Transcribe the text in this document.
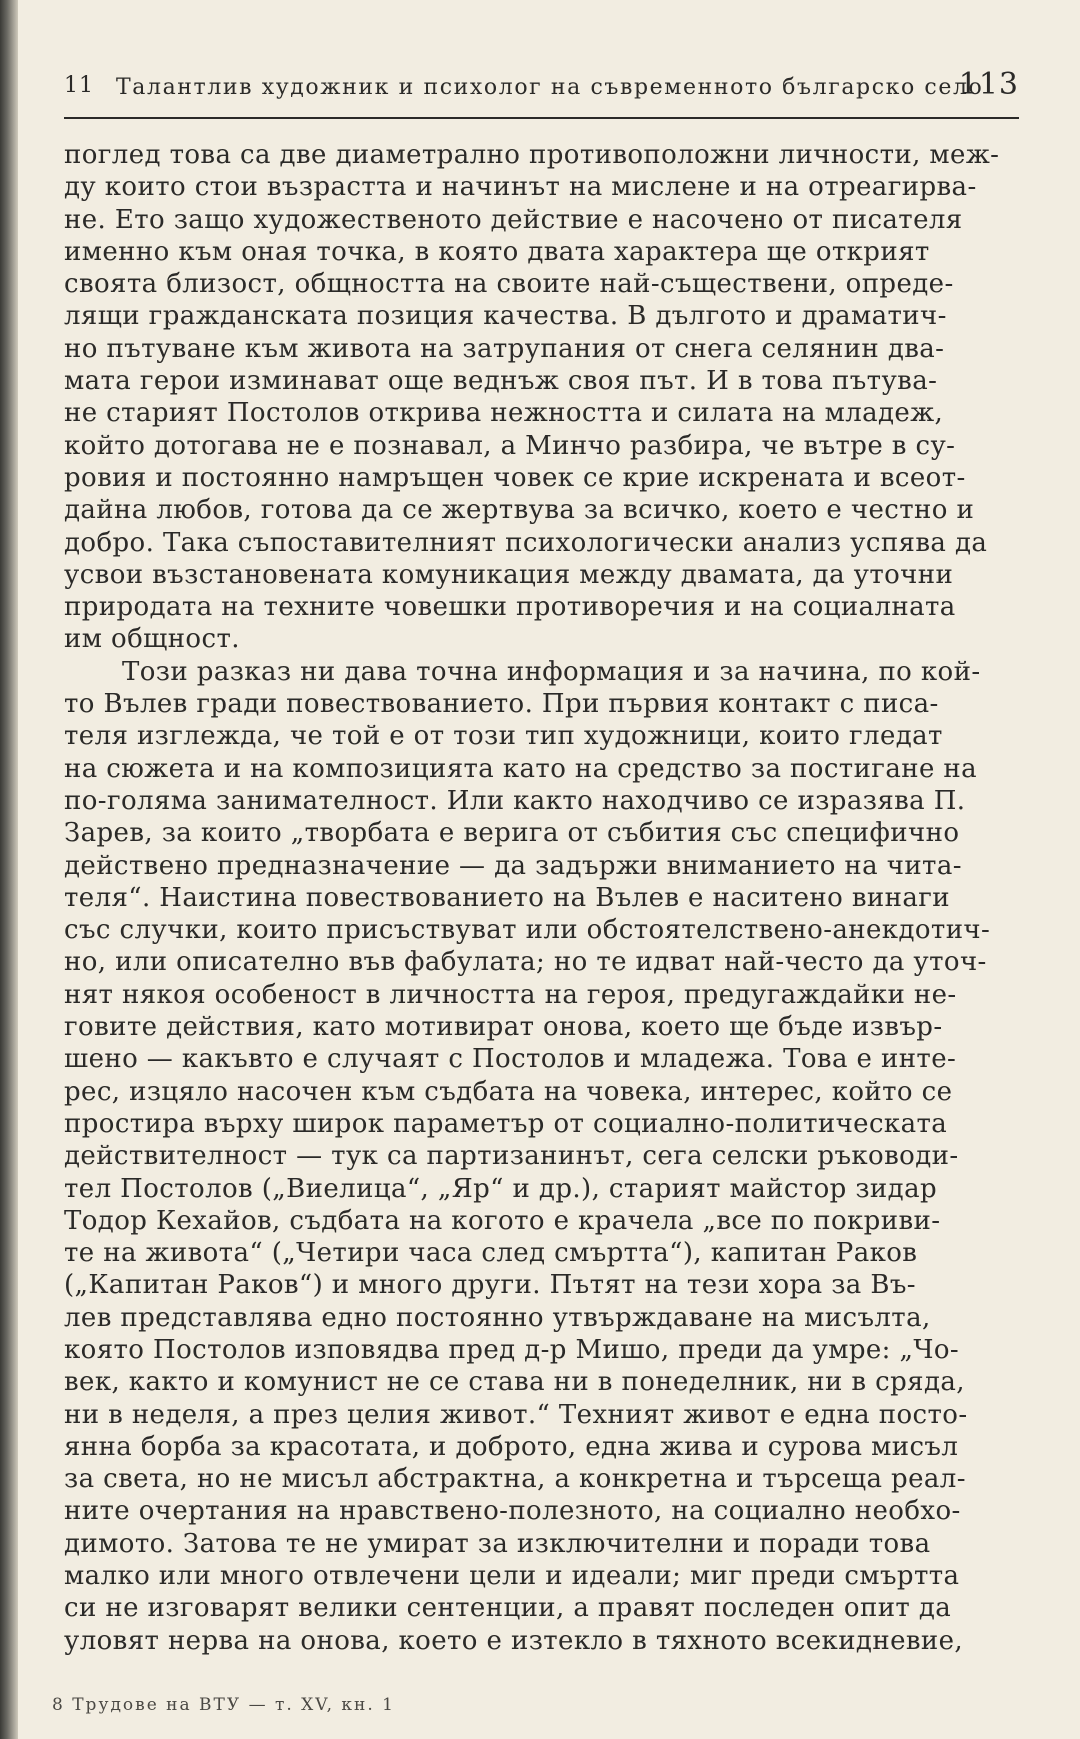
11 Талантлив художник и психолог на съвременното българско село
113
поглед това са две диаметрално противоположни личности, меж-
ду които стои възрастта и начинът на мислене и на отреагирва-
не. Ето защо художественото действие е насочено от писателя
именно към оная точка, в която двата характера ще открият
своята близост, общността на своите най-съществени, опреде-
лящи гражданската позиция качества. В дългото и драматич-
но пътуване към живота на затрупания от снега селянин два-
мата герои изминават още веднъж своя път. И в това пътува-
не старият Постолов открива нежността и силата на младеж,
който дотогава не е познавал, а Минчо разбира, че вътре в су-
ровия и постоянно намръщен човек се крие искрената и всеот-
дайна любов, готова да се жертвува за всичко, което е честно и
добро. Така съпоставителният психологически анализ успява да
усвои възстановената комуникация между двамата, да уточни
природата на техните човешки противоречия и на социалната
им общност.
Този разказ ни дава точна информация и за начина, по кой-
то Вълев гради повествованието. При първия контакт с писа-
теля изглежда, че той е от този тип художници, които гледат
на сюжета и на композицията като на средство за постигане на
по-голяма занимателност. Или както находчиво се изразява П.
Зарев, за които „творбата е верига от събития със специфично
действено предназначение — да задържи вниманието на чита-
теля“. Наистина повествованието на Вълев е наситено винаги
със случки, които присъствуват или обстоятелствено-анекдотич-
но, или описателно във фабулата; но те идват най-често да уточ-
нят някоя особеност в личността на героя, предугаждайки не-
говите действия, като мотивират онова, което ще бъде извър-
шено — какъвто е случаят с Постолов и младежа. Това е инте-
рес, изцяло насочен към съдбата на човека, интерес, който се
простира върху широк параметър от социално-политическата
действителност — тук са партизанинът, сега селски ръководи-
тел Постолов („Виелица“, „Яр“ и др.), старият майстор зидар
Тодор Кехайов, съдбата на когото е крачела „все по покриви-
те на живота“ („Четири часа след смъртта“), капитан Раков
(„Капитан Раков“) и много други. Пътят на тези хора за Въ-
лев представлява едно постоянно утвърждаване на мисълта,
която Постолов изповядва пред д-р Мишо, преди да умре: „Чо-
век, както и комунист не се става ни в понеделник, ни в сряда,
ни в неделя, а през целия живот.“ Техният живот е една посто-
янна борба за красотата, и доброто, една жива и сурова мисъл
за света, но не мисъл абстрактна, а конкретна и търсеща реал-
ните очертания на нравствено-полезното, на социално необхо-
димото. Затова те не умират за изключителни и поради това
малко или много отвлечени цели и идеали; миг преди смъртта
си не изговарят велики сентенции, а правят последен опит да
уловят нерва на онова, което е изтекло в тяхното всекидневие,
8 Трудове на ВТУ — т. XV, кн. 1
